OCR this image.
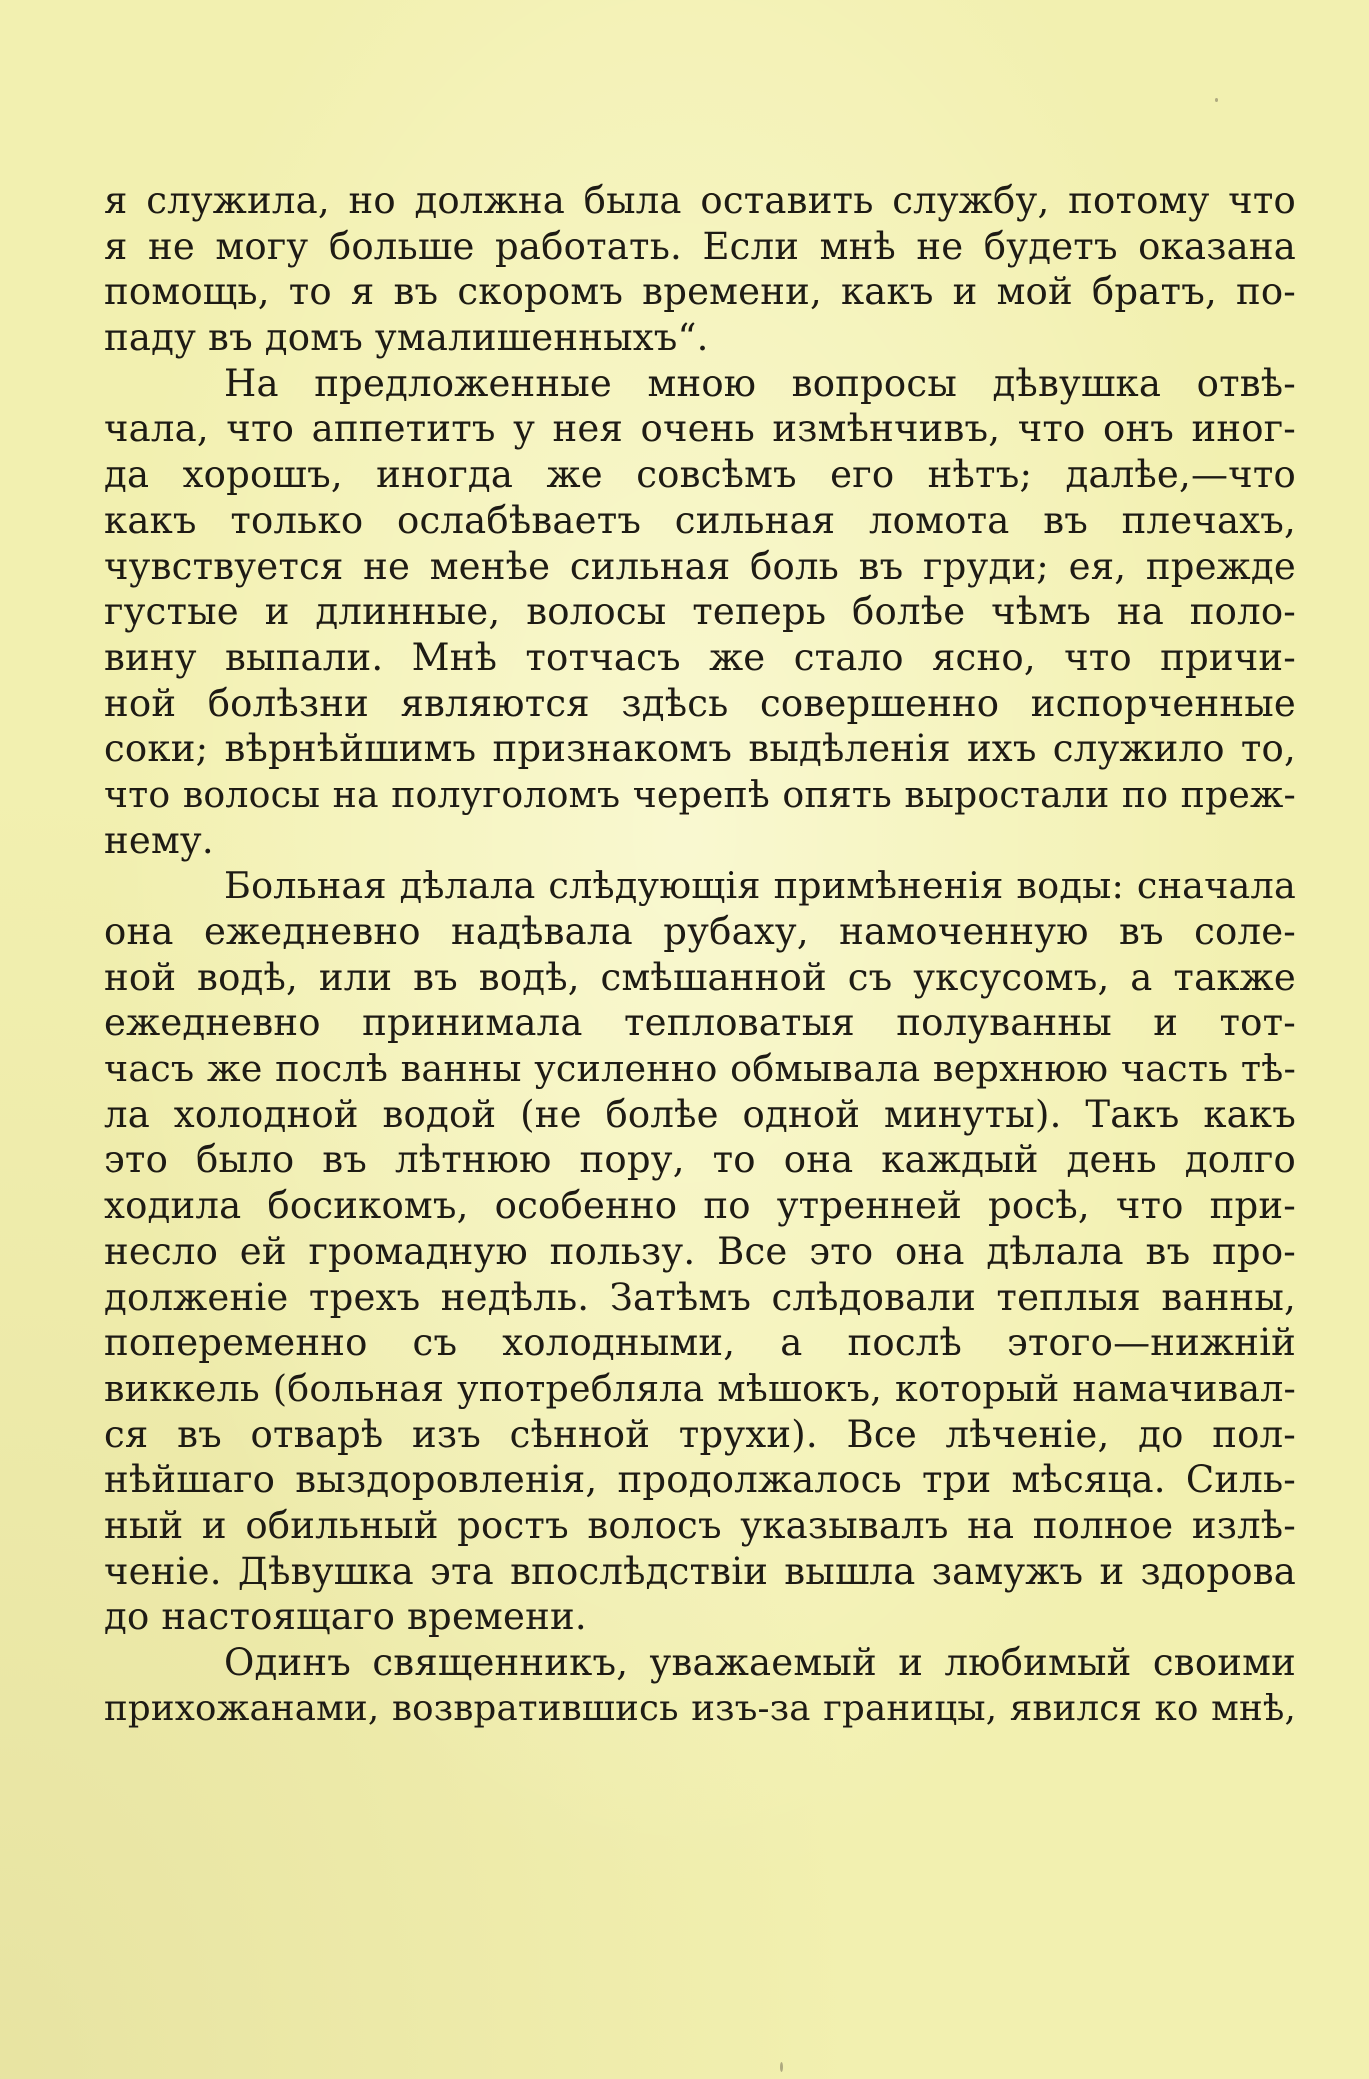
я служила, но должна была оставить службу, потому что
я не могу больше работать. Если мнѣ не будетъ оказана
помощь, то я въ скоромъ времени, какъ и мой братъ, по-
паду въ домъ умалишенныхъ“.
На предложенные мною вопросы дѣвушка отвѣ-
чала, что аппетитъ у нея очень измѣнчивъ, что онъ иног-
да хорошъ, иногда же совсѣмъ его нѣтъ; далѣе,—что
какъ только ослабѣваетъ сильная ломота въ плечахъ,
чувствуется не менѣе сильная боль въ груди; ея, прежде
густые и длинные, волосы теперь болѣе чѣмъ на поло-
вину выпали. Мнѣ тотчасъ же стало ясно, что причи-
ной болѣзни являются здѣсь совершенно испорченные
соки; вѣрнѣйшимъ признакомъ выдѣленія ихъ служило то,
что волосы на полуголомъ черепѣ опять выростали по преж-
нему.
Больная дѣлала слѣдующія примѣненія воды: сначала
она ежедневно надѣвала рубаху, намоченную въ соле-
ной водѣ, или въ водѣ, смѣшанной съ уксусомъ, а также
ежедневно принимала тепловатыя полуванны и тот-
часъ же послѣ ванны усиленно обмывала верхнюю часть тѣ-
ла холодной водой (не болѣе одной минуты). Такъ какъ
это было въ лѣтнюю пору, то она каждый день долго
ходила босикомъ, особенно по утренней росѣ, что при-
несло ей громадную пользу. Все это она дѣлала въ про-
долженіе трехъ недѣль. Затѣмъ слѣдовали теплыя ванны,
попеременно съ холодными, а послѣ этого—нижній
виккель (больная употребляла мѣшокъ, который намачивал-
ся въ отварѣ изъ сѣнной трухи). Все лѣченіе, до пол-
нѣйшаго выздоровленія, продолжалось три мѣсяца. Силь-
ный и обильный ростъ волосъ указывалъ на полное излѣ-
ченіе. Дѣвушка эта впослѣдствіи вышла замужъ и здорова
до настоящаго времени.
Одинъ священникъ, уважаемый и любимый своими
прихожанами, возвратившись изъ-за границы, явился ко мнѣ,
